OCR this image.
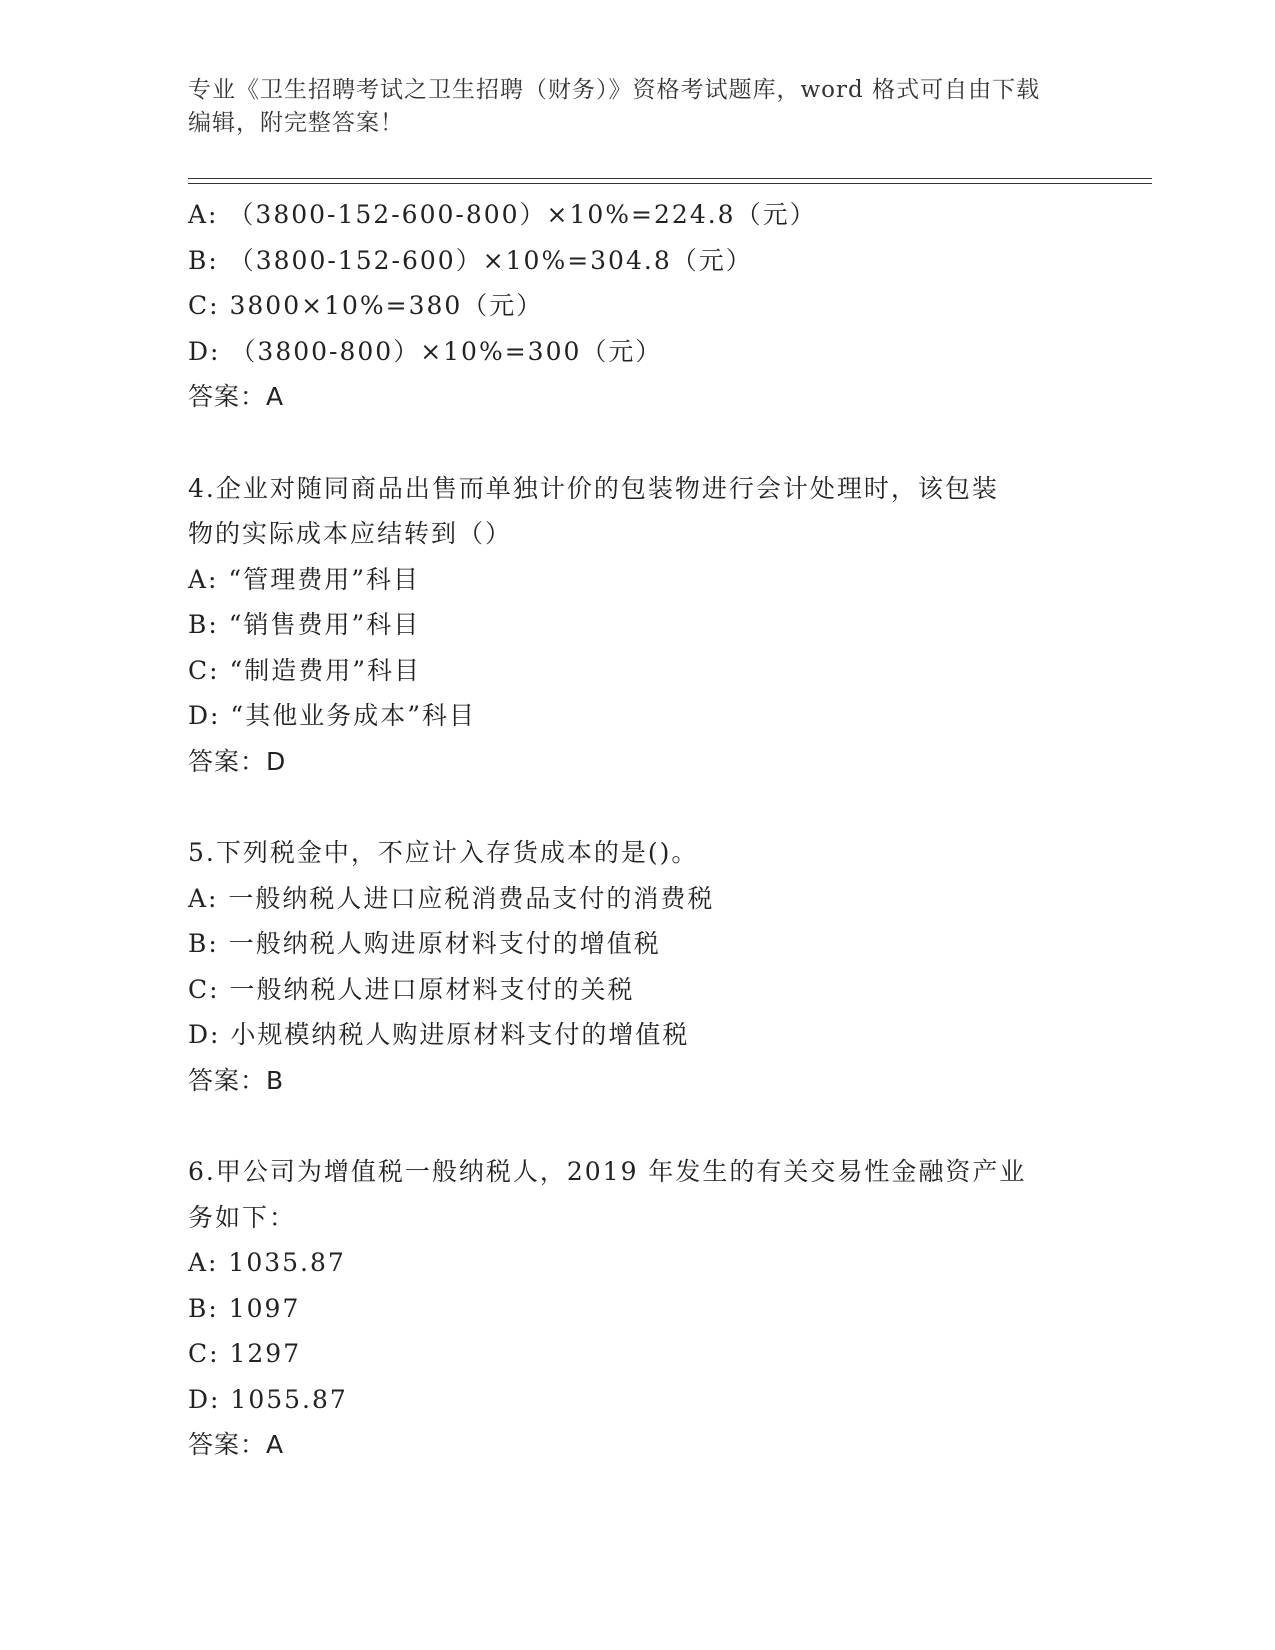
专业《卫生招聘考试之卫生招聘（财务）》资格考试题库，word 格式可自由下载
编辑，附完整答案！
A: （3800-152-600-800）×10%=224.8（元）
B: （3800-152-600）×10%=304.8（元）
C: 3800×10%=380（元）
D: （3800-800）×10%=300（元）
答案：A
4.企业对随同商品出售而单独计价的包装物进行会计处理时，该包装
物的实际成本应结转到（）
A: “管理费用”科目
B: “销售费用”科目
C: “制造费用”科目
D: “其他业务成本”科目
答案：D
5.下列税金中，不应计入存货成本的是()。
A: 一般纳税人进口应税消费品支付的消费税
B: 一般纳税人购进原材料支付的增值税
C: 一般纳税人进口原材料支付的关税
D: 小规模纳税人购进原材料支付的增值税
答案：B
6.甲公司为增值税一般纳税人，2019 年发生的有关交易性金融资产业
务如下：
A: 1035.87
B: 1097
C: 1297
D: 1055.87
答案：A
